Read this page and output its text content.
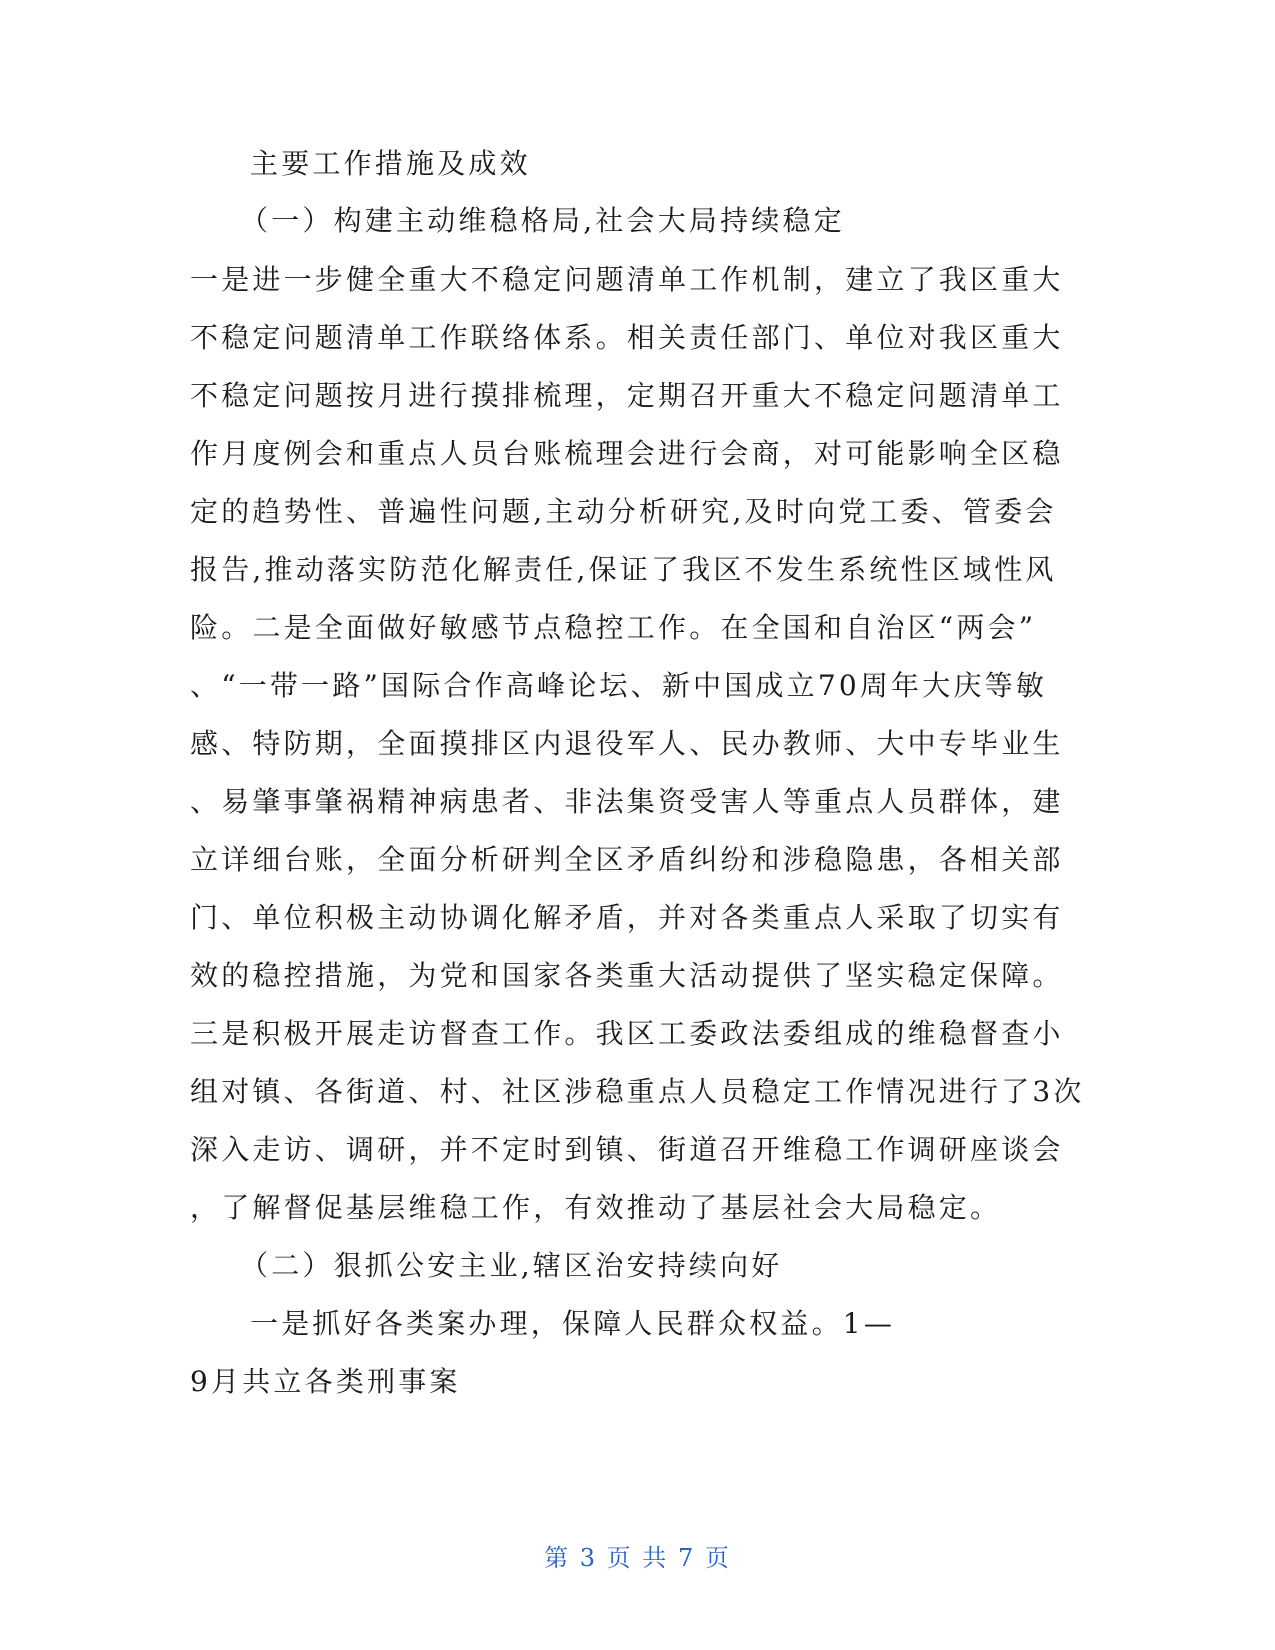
主要工作措施及成效
（一）构建主动维稳格局,社会大局持续稳定
一是进一步健全重大不稳定问题清单工作机制，建立了我区重大
不稳定问题清单工作联络体系。相关责任部门、单位对我区重大
不稳定问题按月进行摸排梳理，定期召开重大不稳定问题清单工
作月度例会和重点人员台账梳理会进行会商，对可能影响全区稳
定的趋势性、普遍性问题,主动分析研究,及时向党工委、管委会
报告,推动落实防范化解责任,保证了我区不发生系统性区域性风
险。二是全面做好敏感节点稳控工作。在全国和自治区“两会”
、“一带一路”国际合作高峰论坛、新中国成立70周年大庆等敏
感、特防期，全面摸排区内退役军人、民办教师、大中专毕业生
、易肇事肇祸精神病患者、非法集资受害人等重点人员群体，建
立详细台账，全面分析研判全区矛盾纠纷和涉稳隐患，各相关部
门、单位积极主动协调化解矛盾，并对各类重点人采取了切实有
效的稳控措施，为党和国家各类重大活动提供了坚实稳定保障。
三是积极开展走访督查工作。我区工委政法委组成的维稳督查小
组对镇、各街道、村、社区涉稳重点人员稳定工作情况进行了3次
深入走访、调研，并不定时到镇、街道召开维稳工作调研座谈会
，了解督促基层维稳工作，有效推动了基层社会大局稳定。
（二）狠抓公安主业,辖区治安持续向好
一是抓好各类案办理，保障人民群众权益。1—
9月共立各类刑事案
第 3 页 共 7 页
